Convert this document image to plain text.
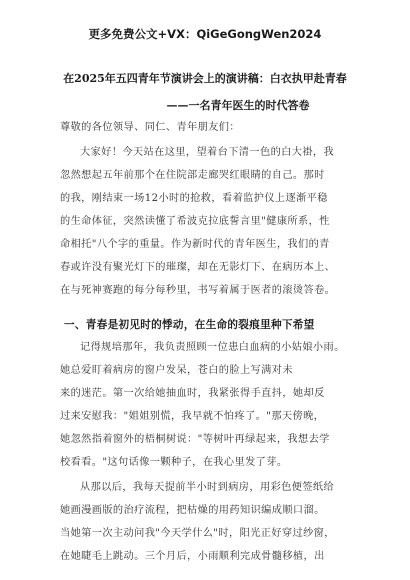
更多免费公文+VX：QiGeGongWen2024
在2025年五四青年节演讲会上的演讲稿：白衣执甲赴青春
——一名青年医生的时代答卷
尊敬的各位领导、同仁、青年朋友们：
大家好！今天站在这里，望着台下清一色的白大褂，我
忽然想起五年前那个在住院部走廊哭红眼睛的自己。那时
的我，刚结束一场12小时的抢救，看着监护仪上逐渐平稳
的生命体征，突然读懂了希波克拉底誓言里"健康所系，性
命相托"八个字的重量。作为新时代的青年医生，我们的青
春或许没有聚光灯下的璀璨，却在无影灯下、在病历本上、
在与死神赛跑的每分每秒里，书写着属于医者的滚烫答卷。
一、青春是初见时的悸动，在生命的裂痕里种下希望
记得规培那年，我负责照顾一位患白血病的小姑娘小雨。
她总爱盯着病房的窗户发呆，苍白的脸上写满对未
来的迷茫。第一次给她抽血时，我紧张得手直抖，她却反
过来安慰我："姐姐别慌，我早就不怕疼了。"那天傍晚，
她忽然指着窗外的梧桐树说："等树叶再绿起来，我想去学
校看看。"这句话像一颗种子，在我心里发了芽。
从那以后，我每天提前半小时到病房，用彩色便签纸给
她画漫画版的治疗流程，把枯燥的用药知识编成顺口溜。
当她第一次主动问我"今天学什么"时，阳光正好穿过纱窗，
在她睫毛上跳动。三个月后，小雨顺利完成骨髓移植，出
